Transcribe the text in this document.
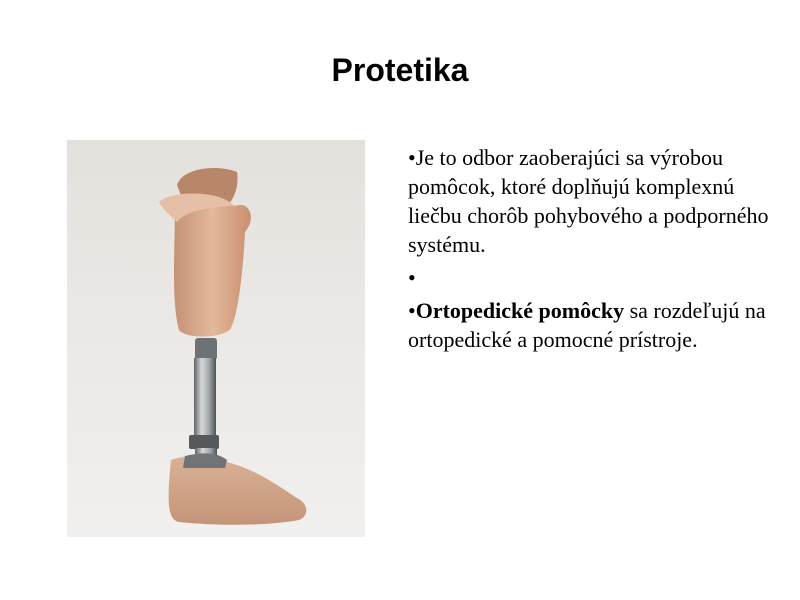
Protetika

•Je to odbor zaoberajúci sa výrobou pomôcok, ktoré doplňujú komplexnú liečbu chorôb pohybového a podporného systému.

•

•Ortopedické pomôcky sa rozdeľujú na ortopedické a pomocné prístroje.
